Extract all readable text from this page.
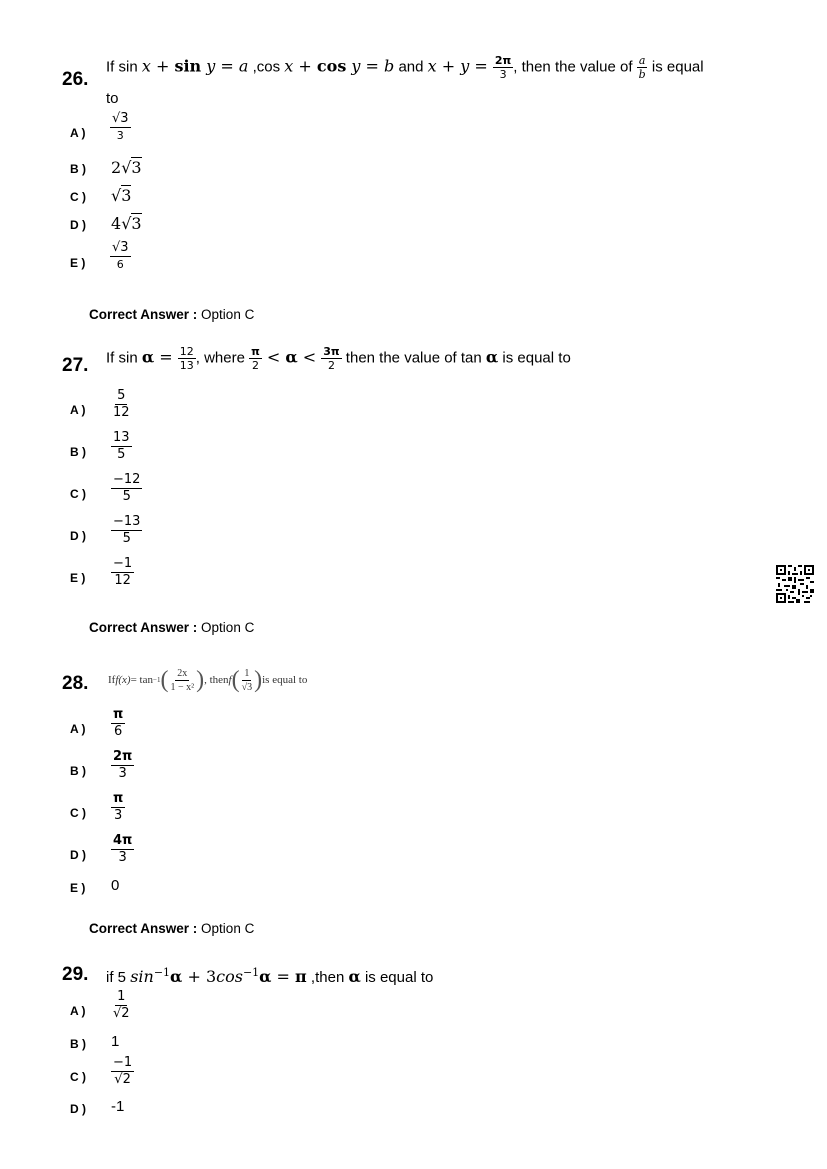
26.
If sin x + sin y = a ,cos x + cos y = b and $x + y = \frac{2\pi}{3}$ , then the value of $\frac{a}{b}$ is equal
to
A ) $\frac{√3}{3}$
B ) 2√3
C ) √3
D ) 4√3
E ) $\frac{√3}{6}$
Correct Answer : Option C
27. If $\sin \alpha = \frac{12}{13}$ , where $\frac{\pi}{2} < \alpha < \frac{3\pi}{2}$ then the value of tan α is equal to
A ) $\frac{5}{12}$
B ) $\frac{13}{5}$
C ) $\frac{-12}{5}$
D ) $\frac{-13}{5}$
E ) $\frac{-1}{12}$
Correct Answer : Option C
28. If f(x) = tan −1 ( $\frac{2x}{\text{1 − x²}}$ ) , then f ( $\frac{1}{√3}$ ) is equal to
A ) $\frac{\pi}{6}$
B ) $\frac{2\pi}{3}$
C ) $\frac{\pi}{3}$
D ) $\frac{4\pi}{3}$
E ) 0
Correct Answer : Option C
29. if 5 $\sin^{-1}\alpha + 3\cos^{-1}\alpha = \pi$ ,then α is equal to
A ) $\frac{1}{√2}$
B ) 1
C ) $\frac{-1}{√2}$
D ) -1
